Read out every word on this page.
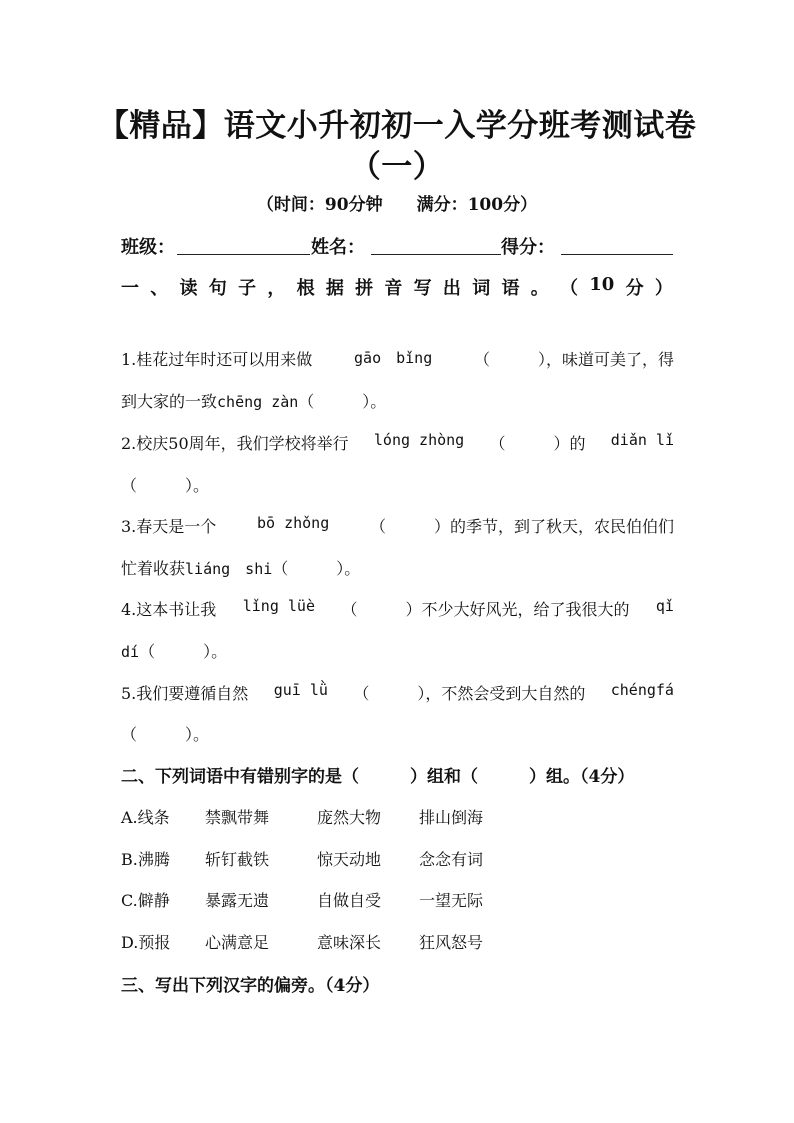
【精品】语文小升初初一入学分班考测试卷
（一）
（时间：90分钟　　满分：100分）
班级：	姓名：	得分：
一 、 读 句 子 ， 根 据 拼 音 写 出 词 语 。 （ 10 分 ）
1.桂花过年时还可以用来做	gāo　bǐng	（　　　），味道可美了，得
到大家的一致chēng zàn（　　　）。
2.校庆50周年，我们学校将举行 lóng zhòng （　　　）的 diǎn lǐ
（　　　）。
3.春天是一个	bō zhǒng	（　　　）的季节，到了秋天，农民伯伯们
忙着收获liáng　shi（　　　）。
4.这本书让我 lǐng lüè （　　　）不少大好风光，给了我很大的 qǐ
dí（　　　）。
5.我们要遵循自然 guī lǜ （　　　），不然会受到大自然的 chéngfá
（　　　）。
二、下列词语中有错别字的是（　　　）组和（　　　）组。（4分）
A.线条 禁飘带舞	庞然大物 排山倒海
B.沸腾 斩钉截铁	惊天动地 念念有词
C.僻静 暴露无遗	自做自受 一望无际
D.预报 心满意足	意味深长 狂风怒号
三、写出下列汉字的偏旁。（4分）
